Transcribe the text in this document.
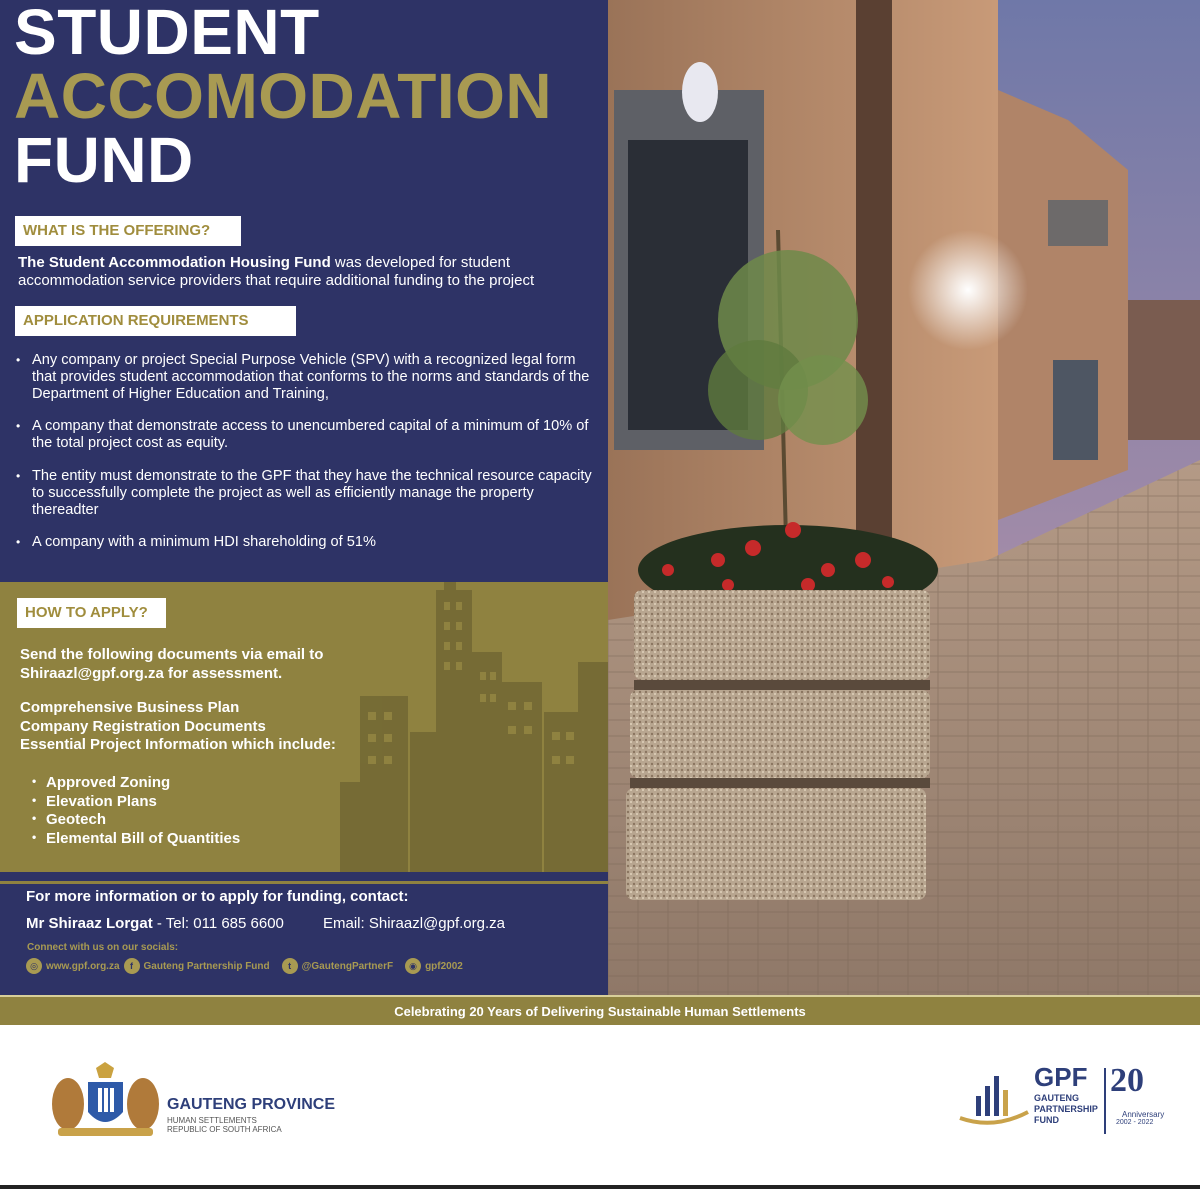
STUDENT
ACCOMODATION
FUND
WHAT IS THE OFFERING?
The Student Accommodation Housing Fund was developed for student
accommodation service providers that require additional funding to the project
APPLICATION REQUIREMENTS
• Any company or project Special Purpose Vehicle (SPV) with a recognized legal form that provides student accommodation that conforms to the norms and standards of the Department of Higher Education and Training,
• A company that demonstrate access to unencumbered capital of a minimum of 10% of the total project cost as equity.
• The entity must demonstrate to the GPF that they have the technical resource capacity to successfully complete the project as well as efficiently manage the property thereadter
• A company with a minimum HDI shareholding of 51%

Send the following documents via email to
Shiraazl@gpf.org.za for assessment.

Comprehensive Business Plan
Company Registration Documents
Essential Project Information which include:
• Approved Zoning
• Elevation Plans
• Geotech
• Elemental Bill of Quantities
HOW TO APPLY?
For more information or to apply for funding, contact:
Mr Shiraaz Lorgat - Tel: 011 685 6600	Email: Shiraazl@gpf.org.za
Connect with us on our socials:
◎ www.gpf.org.za	f	Gauteng Partnership Fund	t	@GautengPartnerF	◉ gpf2002
Celebrating 20 Years of Delivering Sustainable Human Settlements
GAUTENG PROVINCE
HUMAN SETTLEMENTS
REPUBLIC OF SOUTH AFRICA
GPF
GAUTENG
PARTNERSHIP
FUND
20
Anniversary
2002 - 2022
